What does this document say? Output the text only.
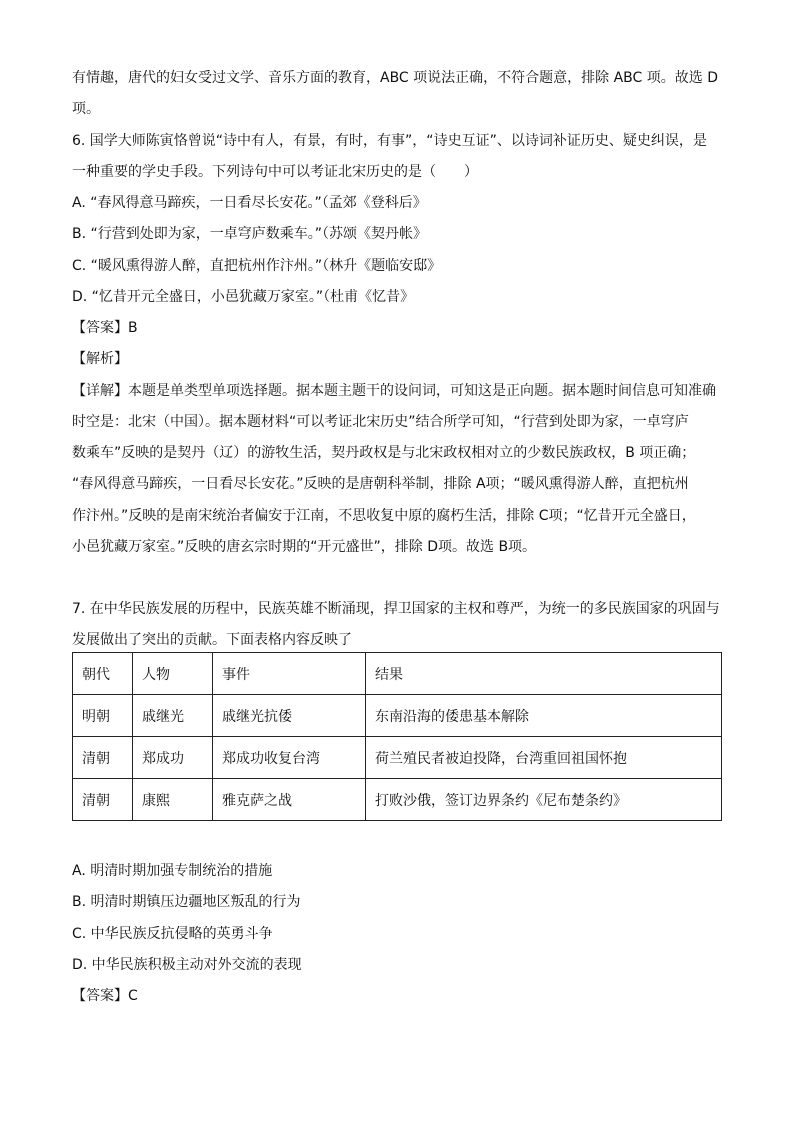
有情趣，唐代的妇女受过文学、音乐方面的教育，ABC 项说法正确，不符合题意，排除 ABC 项。故选 D
项。
6. 国学大师陈寅恪曾说“诗中有人，有景，有时，有事”，“诗史互证”、以诗词补证历史、疑史纠误，是
一种重要的学史手段。下列诗句中可以考证北宋历史的是（　　）
A. “春风得意马蹄疾，一日看尽长安花。”（孟郊《登科后》
B. “行营到处即为家，一卓穹庐数乘车。”（苏颂《契丹帐》
C. “暖风熏得游人醉，直把杭州作汴州。”（林升《题临安邸》
D. “忆昔开元全盛日，小邑犹藏万家室。”（杜甫《忆昔》
【答案】B
【解析】
【详解】本题是单类型单项选择题。据本题主题干的设问词，可知这是正向题。据本题时间信息可知准确
时空是：北宋（中国）。据本题材料“可以考证北宋历史”结合所学可知，“行营到处即为家，一卓穹庐
数乘车”反映的是契丹（辽）的游牧生活，契丹政权是与北宋政权相对立的少数民族政权，B 项正确；
“春风得意马蹄疾，一日看尽长安花。”反映的是唐朝科举制，排除 A项；“暖风熏得游人醉，直把杭州
作汴州。”反映的是南宋统治者偏安于江南，不思收复中原的腐朽生活，排除 C项；“忆昔开元全盛日，
小邑犹藏万家室。”反映的唐玄宗时期的“开元盛世”，排除 D项。故选 B项。
7. 在中华民族发展的历程中，民族英雄不断涌现，捍卫国家的主权和尊严，为统一的多民族国家的巩固与
发展做出了突出的贡献。下面表格内容反映了
朝代	人物	事件	结果
明朝	戚继光	戚继光抗倭	东南沿海的倭患基本解除
清朝	郑成功	郑成功收复台湾	荷兰殖民者被迫投降，台湾重回祖国怀抱
清朝	康熙	雅克萨之战	打败沙俄，签订边界条约《尼布楚条约》
A. 明清时期加强专制统治的措施
B. 明清时期镇压边疆地区叛乱的行为
C. 中华民族反抗侵略的英勇斗争
D. 中华民族积极主动对外交流的表现
【答案】C
